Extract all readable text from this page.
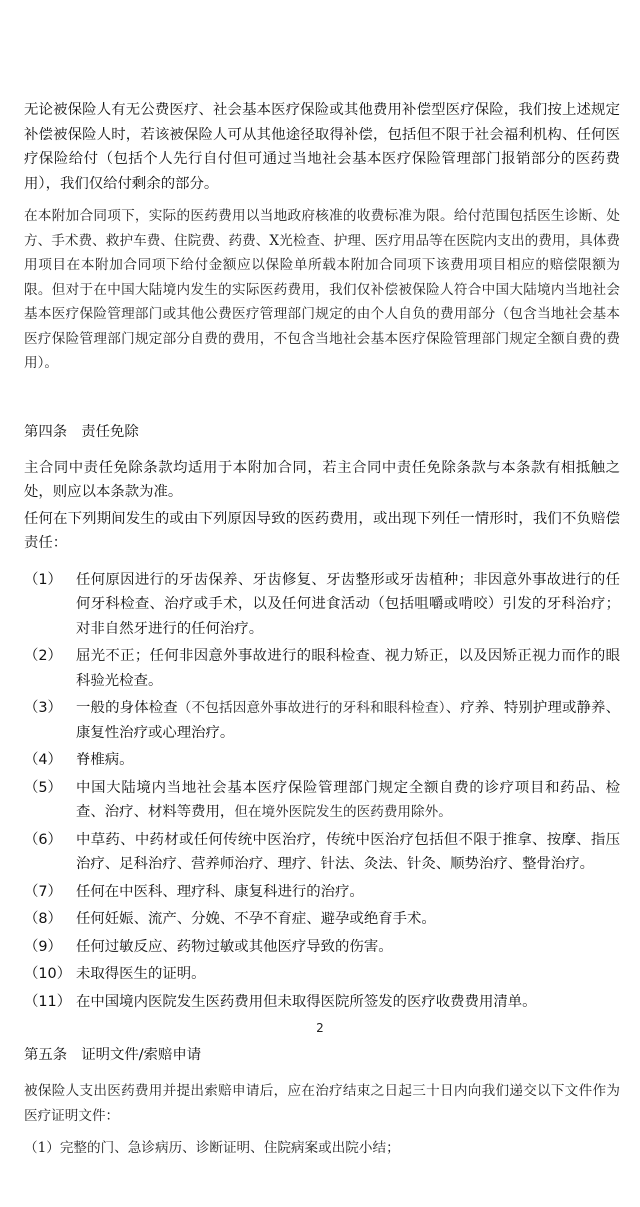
无论被保险人有无公费医疗、社会基本医疗保险或其他费用补偿型医疗保险，我们按上述规定补偿被保险人时，若该被保险人可从其他途径取得补偿，包括但不限于社会福利机构、任何医疗保险给付（包括个人先行自付但可通过当地社会基本医疗保险管理部门报销部分的医药费用），我们仅给付剩余的部分。

在本附加合同项下，实际的医药费用以当地政府核准的收费标准为限。给付范围包括医生诊断、处方、手术费、救护车费、住院费、药费、X光检查、护理、医疗用品等在医院内支出的费用，具体费用项目在本附加合同项下给付金额应以保险单所载本附加合同项下该费用项目相应的赔偿限额为限。但对于在中国大陆境内发生的实际医药费用，我们仅补偿被保险人符合中国大陆境内当地社会基本医疗保险管理部门或其他公费医疗管理部门规定的由个人自负的费用部分（包含当地社会基本医疗保险管理部门规定部分自费的费用，不包含当地社会基本医疗保险管理部门规定全额自费的费用）。

第四条 责任免除

主合同中责任免除条款均适用于本附加合同，若主合同中责任免除条款与本条款有相抵触之处，则应以本条款为准。

任何在下列期间发生的或由下列原因导致的医药费用，或出现下列任一情形时，我们不负赔偿责任：

（1） 任何原因进行的牙齿保养、牙齿修复、牙齿整形或牙齿植种；非因意外事故进行的任何牙科检查、治疗或手术，以及任何进食活动（包括咀嚼或啃咬）引发的牙科治疗；对非自然牙进行的任何治疗。
（2） 屈光不正；任何非因意外事故进行的眼科检查、视力矫正，以及因矫正视力而作的眼科验光检查。
（3） 一般的身体检查（不包括因意外事故进行的牙科和眼科检查）、疗养、特别护理或静养、康复性治疗或心理治疗。
（4） 脊椎病。
（5） 中国大陆境内当地社会基本医疗保险管理部门规定全额自费的诊疗项目和药品、检查、治疗、材料等费用，但在境外医院发生的医药费用除外。
（6） 中草药、中药材或任何传统中医治疗，传统中医治疗包括但不限于推拿、按摩、指压治疗、足科治疗、营养师治疗、理疗、针法、灸法、针灸、顺势治疗、整骨治疗。
（7） 任何在中医科、理疗科、康复科进行的治疗。
（8） 任何妊娠、流产、分娩、不孕不育症、避孕或绝育手术。
（9） 任何过敏反应、药物过敏或其他医疗导致的伤害。
（10） 未取得医生的证明。
（11） 在中国境内医院发生医药费用但未取得医院所签发的医疗收费费用清单。
第五条 证明文件/索赔申请

被保险人支出医药费用并提出索赔申请后，应在治疗结束之日起三十日内向我们递交以下文件作为医疗证明文件：

（1） 完整的门、急诊病历、诊断证明、住院病案或出院小结；
2
